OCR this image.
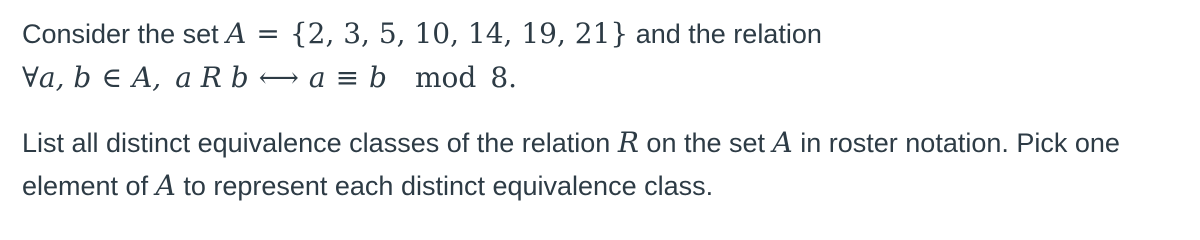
Consider the set A = {2, 3, 5, 10, 14, 19, 21} and the relation
∀a, b ∈ A, a R b ⟷ a ≡ b mod 8.
List all distinct equivalence classes of the relation R on the set A in roster notation. Pick one
element of A to represent each distinct equivalence class.
